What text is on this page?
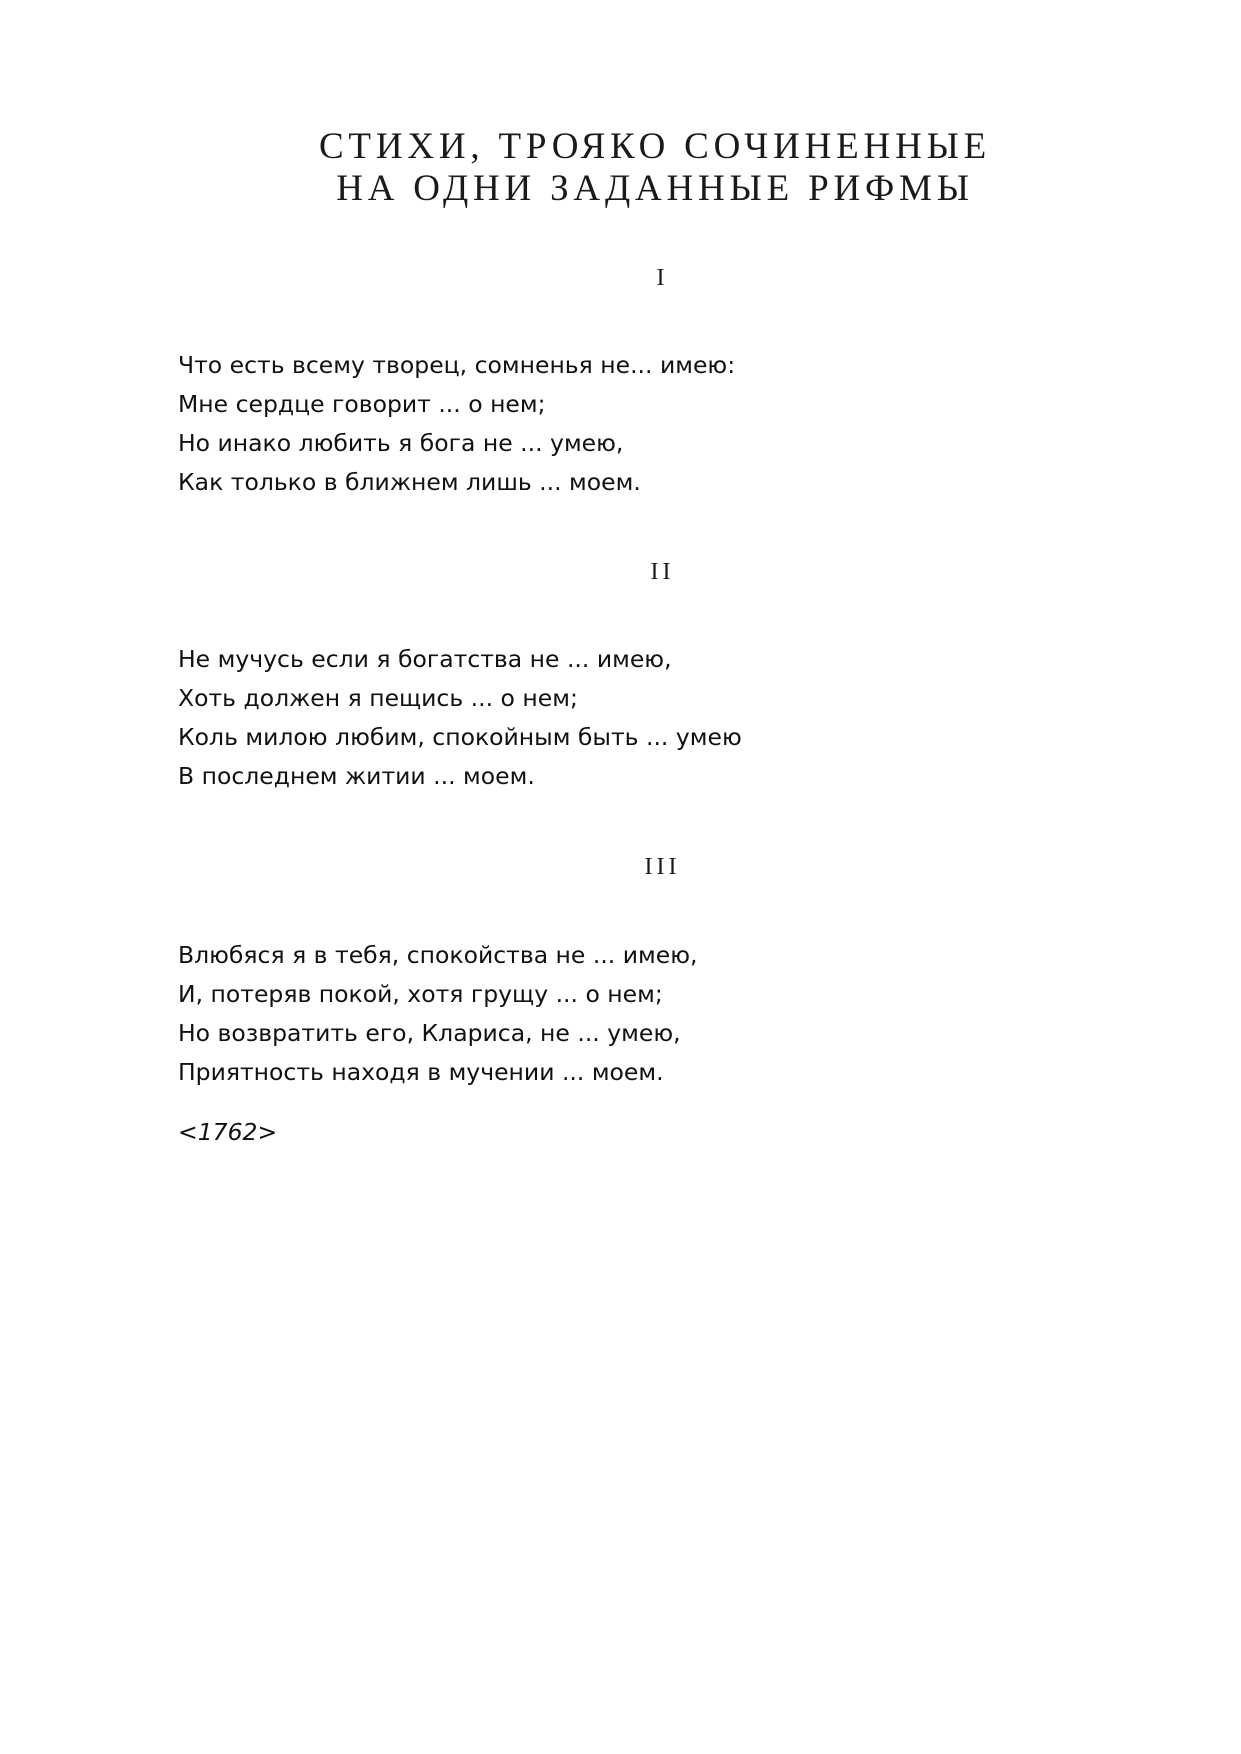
СТИХИ, ТРОЯКО СОЧИНЕННЫЕ
НА ОДНИ ЗАДАННЫЕ РИФМЫ
I
Что есть всему творец, сомненья не... имею:
Мне сердце говорит ... о нем;
Но инако любить я бога не ... умею,
Как только в ближнем лишь ... моем.
II
Не мучусь если я богатства не ... имею,
Хоть должен я пещись ... о нем;
Коль милою любим, спокойным быть ... умею
В последнем житии ... моем.
III
Влюбяся я в тебя, спокойства не ... имею,
И, потеряв покой, хотя грущу ... о нем;
Но возвратить его, Клариса, не ... умею,
Приятность находя в мучении ... моем.
<1762>
